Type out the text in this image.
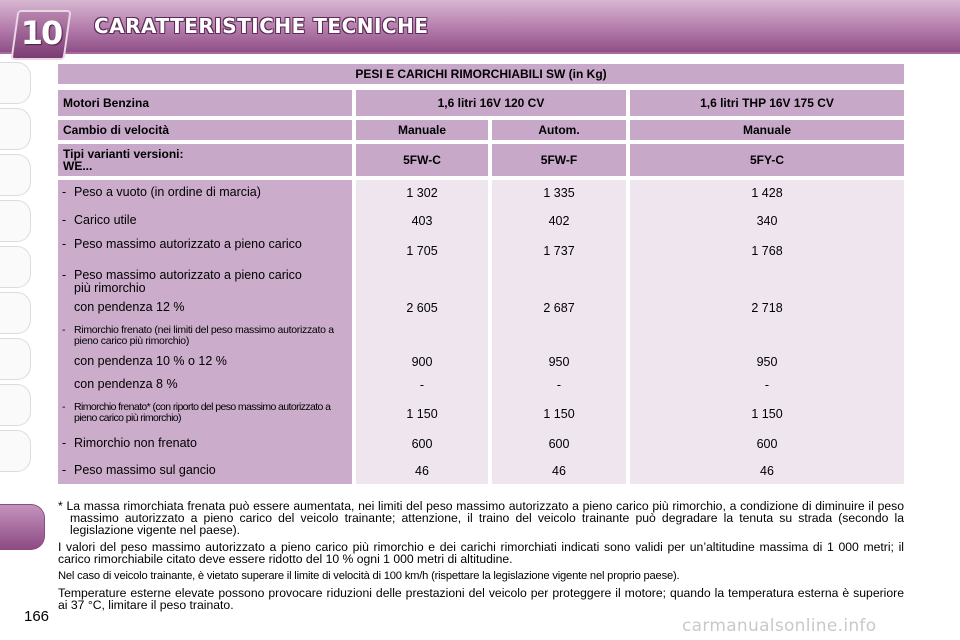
10 CARATTERISTICHE TECNICHE
PESI E CARICHI RIMORCHIABILI SW (in Kg)
Motori Benzina	1,6 litri 16V 120 CV	1,6 litri THP 16V 175 CV
Cambio di velocità	Manuale	Autom.	Manuale
Tipi varianti versioni:
WE...	5FW-C	5FW-F	5FY-C
- Peso a vuoto (in ordine di marcia)	1 302	1 335	1 428
- Carico utile	403	402	340
- Peso massimo autorizzato a pieno carico	1 705	1 737	1 768
- Peso massimo autorizzato a pieno carico più rimorchio
con pendenza 12 %	2 605	2 687	2 718
- Rimorchio frenato (nei limiti del peso massimo autorizzato a pieno carico più rimorchio)
con pendenza 10 % o 12 %	900	950	950
con pendenza 8 %	-	-	-
- Rimorchio frenato* (con riporto del peso massimo autorizzato a pieno carico più rimorchio)	1 150	1 150	1 150
- Rimorchio non frenato	600	600	600
- Peso massimo sul gancio	46	46	46

* La massa rimorchiata frenata può essere aumentata, nei limiti del peso massimo autorizzato a pieno carico più rimorchio, a condizione di diminuire il peso massimo autorizzato a pieno carico del veicolo trainante; attenzione, il traino del veicolo trainante può degradare la tenuta su strada (secondo la legislazione vigente nel paese).

I valori del peso massimo autorizzato a pieno carico più rimorchio e dei carichi rimorchiati indicati sono validi per un’altitudine massima di 1 000 metri; il carico rimorchiabile citato deve essere ridotto del 10 % ogni 1 000 metri di altitudine.

Nel caso di veicolo trainante, è vietato superare il limite di velocità di 100 km/h (rispettare la legislazione vigente nel proprio paese).

Temperature esterne elevate possono provocare riduzioni delle prestazioni del veicolo per proteggere il motore; quando la temperatura esterna è superiore ai 37 °C, limitare il peso trainato.

166	carmanualsonline.info
